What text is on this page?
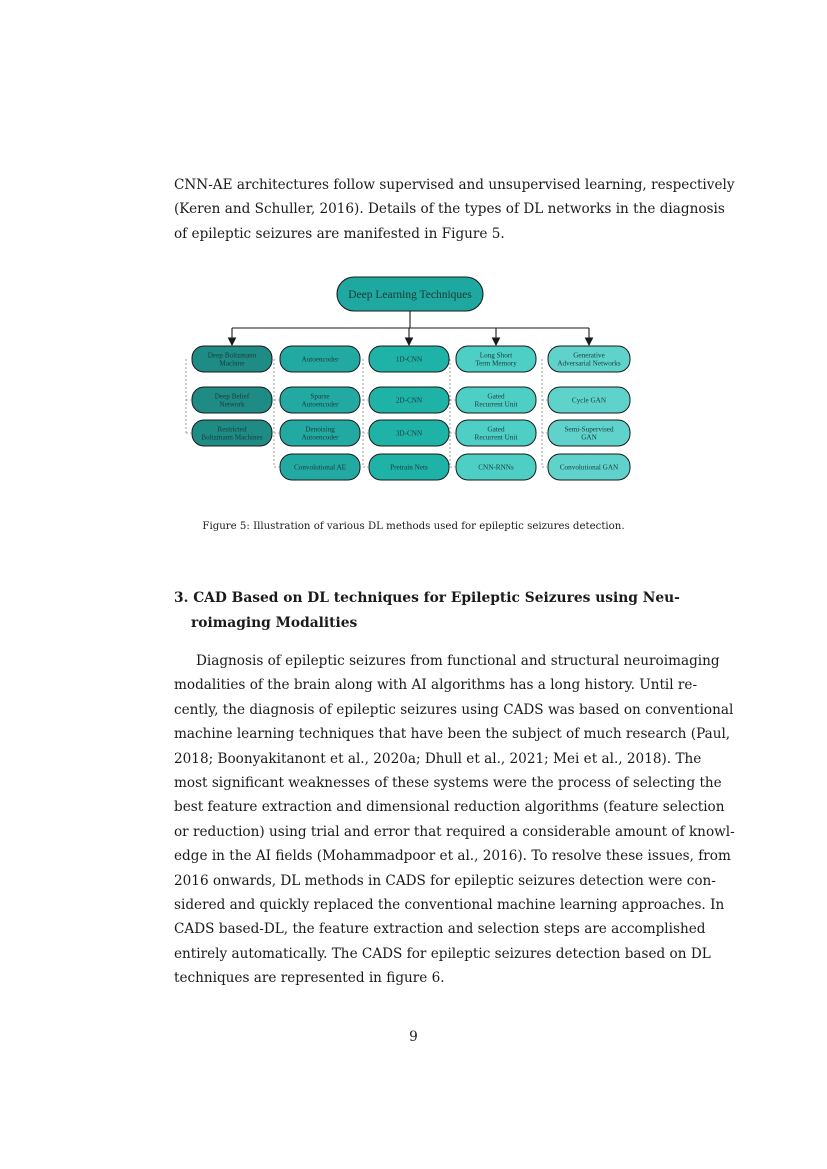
CNN-AE architectures follow supervised and unsupervised learning, respectively
(Keren and Schuller, 2016). Details of the types of DL networks in the diagnosis
of epileptic seizures are manifested in Figure 5.

Deep Learning Techniques
Deep Boltzmann Machine
Deep Belief Network
Restricted Boltzmann Machines
Autoencoder
Sparse Autoencoder
Denoising Autoencoder
Convolutional AE
1D-CNN
2D-CNN
3D-CNN
Pretrain Nets
Long Short Term Memory
Gated Recurrent Unit
Gated Recurrent Unit
CNN-RNNs
Generative Adversarial Networks
Cycle GAN
Semi-Supervised GAN
Convolutional GAN

Figure 5: Illustration of various DL methods used for epileptic seizures detection.

3. CAD Based on DL techniques for Epileptic Seizures using Neu-
roimaging Modalities

Diagnosis of epileptic seizures from functional and structural neuroimaging
modalities of the brain along with AI algorithms has a long history. Until re-
cently, the diagnosis of epileptic seizures using CADS was based on conventional
machine learning techniques that have been the subject of much research (Paul,
2018; Boonyakitanont et al., 2020a; Dhull et al., 2021; Mei et al., 2018). The
most significant weaknesses of these systems were the process of selecting the
best feature extraction and dimensional reduction algorithms (feature selection
or reduction) using trial and error that required a considerable amount of knowl-
edge in the AI fields (Mohammadpoor et al., 2016). To resolve these issues, from
2016 onwards, DL methods in CADS for epileptic seizures detection were con-
sidered and quickly replaced the conventional machine learning approaches. In
CADS based-DL, the feature extraction and selection steps are accomplished
entirely automatically. The CADS for epileptic seizures detection based on DL
techniques are represented in figure 6.

9
